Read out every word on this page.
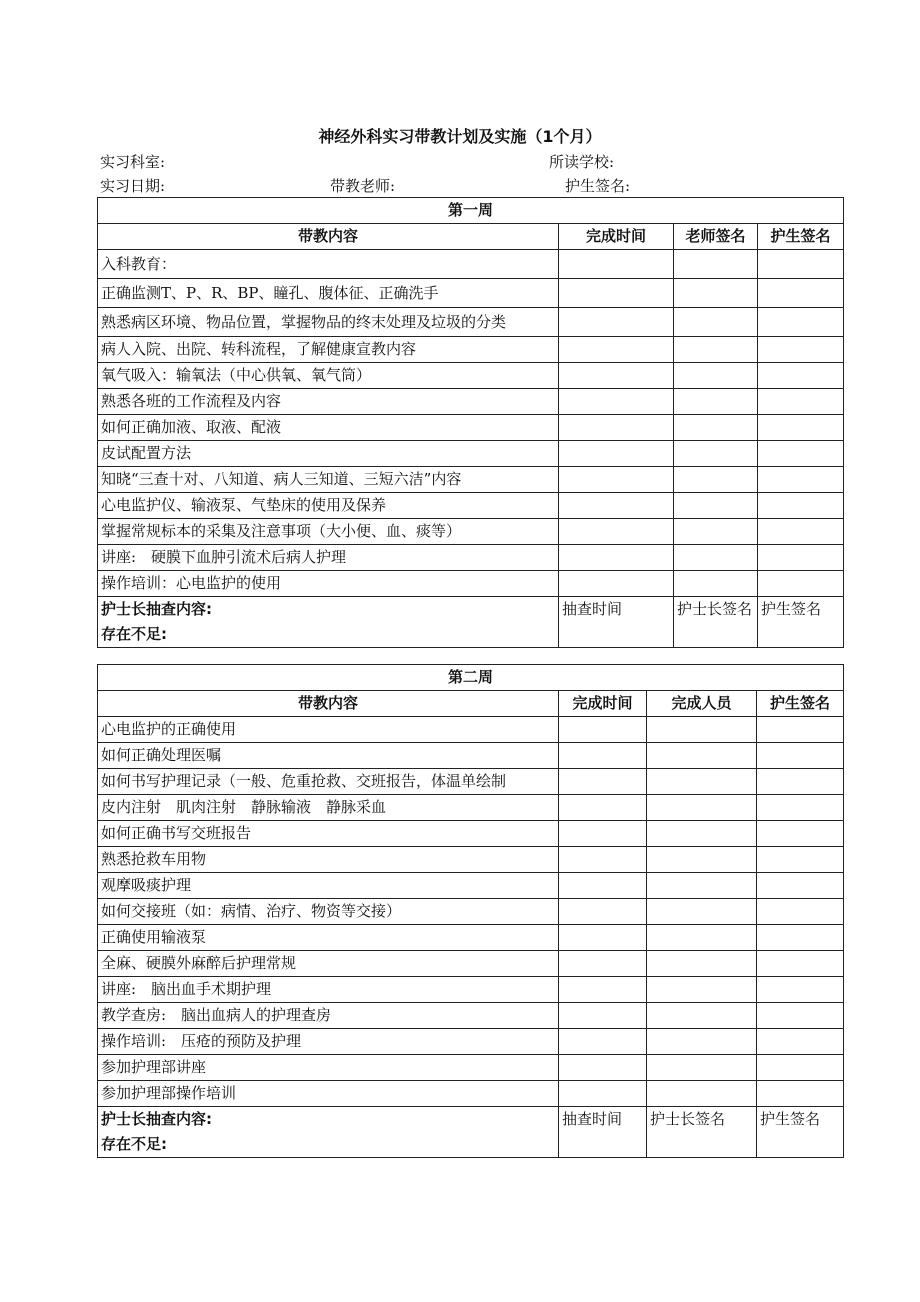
神经外科实习带教计划及实施（1个月）
实习科室:	所读学校:
实习日期:	带教老师:	护生签名:
第一周			
带教内容	完成时间	老师签名	护生签名
入科教育：			
正确监测T、P、R、BP、瞳孔、腹体征、正确洗手			
熟悉病区环境、物品位置，掌握物品的终末处理及垃圾的分类			
病人入院、出院、转科流程，了解健康宣教内容			
氧气吸入：输氧法（中心供氧、氧气筒）			
熟悉各班的工作流程及内容			
如何正确加液、取液、配液			
皮试配置方法			
知晓“三查十对、八知道、病人三知道、三短六洁”内容			
心电监护仪、输液泵、气垫床的使用及保养			
掌握常规标本的采集及注意事项（大小便、血、痰等）			
讲座:　硬膜下血肿引流术后病人护理			
操作培训：心电监护的使用			

护士长抽查内容:
存在不足:	抽查时间	护士长签名	护生签名
第二周			
带教内容	完成时间	完成人员	护生签名
心电监护的正确使用			
如何正确处理医嘱			
如何书写护理记录（一般、危重抢救、交班报告，体温单绘制			
皮内注射　肌肉注射　静脉输液　静脉采血			
如何正确书写交班报告			
熟悉抢救车用物			
观摩吸痰护理			
如何交接班（如：病情、治疗、物资等交接）			
正确使用输液泵			
全麻、硬膜外麻醉后护理常规			
讲座:　脑出血手术期护理			
教学查房:　脑出血病人的护理查房			
操作培训:　压疮的预防及护理			
参加护理部讲座			
参加护理部操作培训			

护士长抽查内容:
存在不足:	抽查时间	护士长签名	护生签名
